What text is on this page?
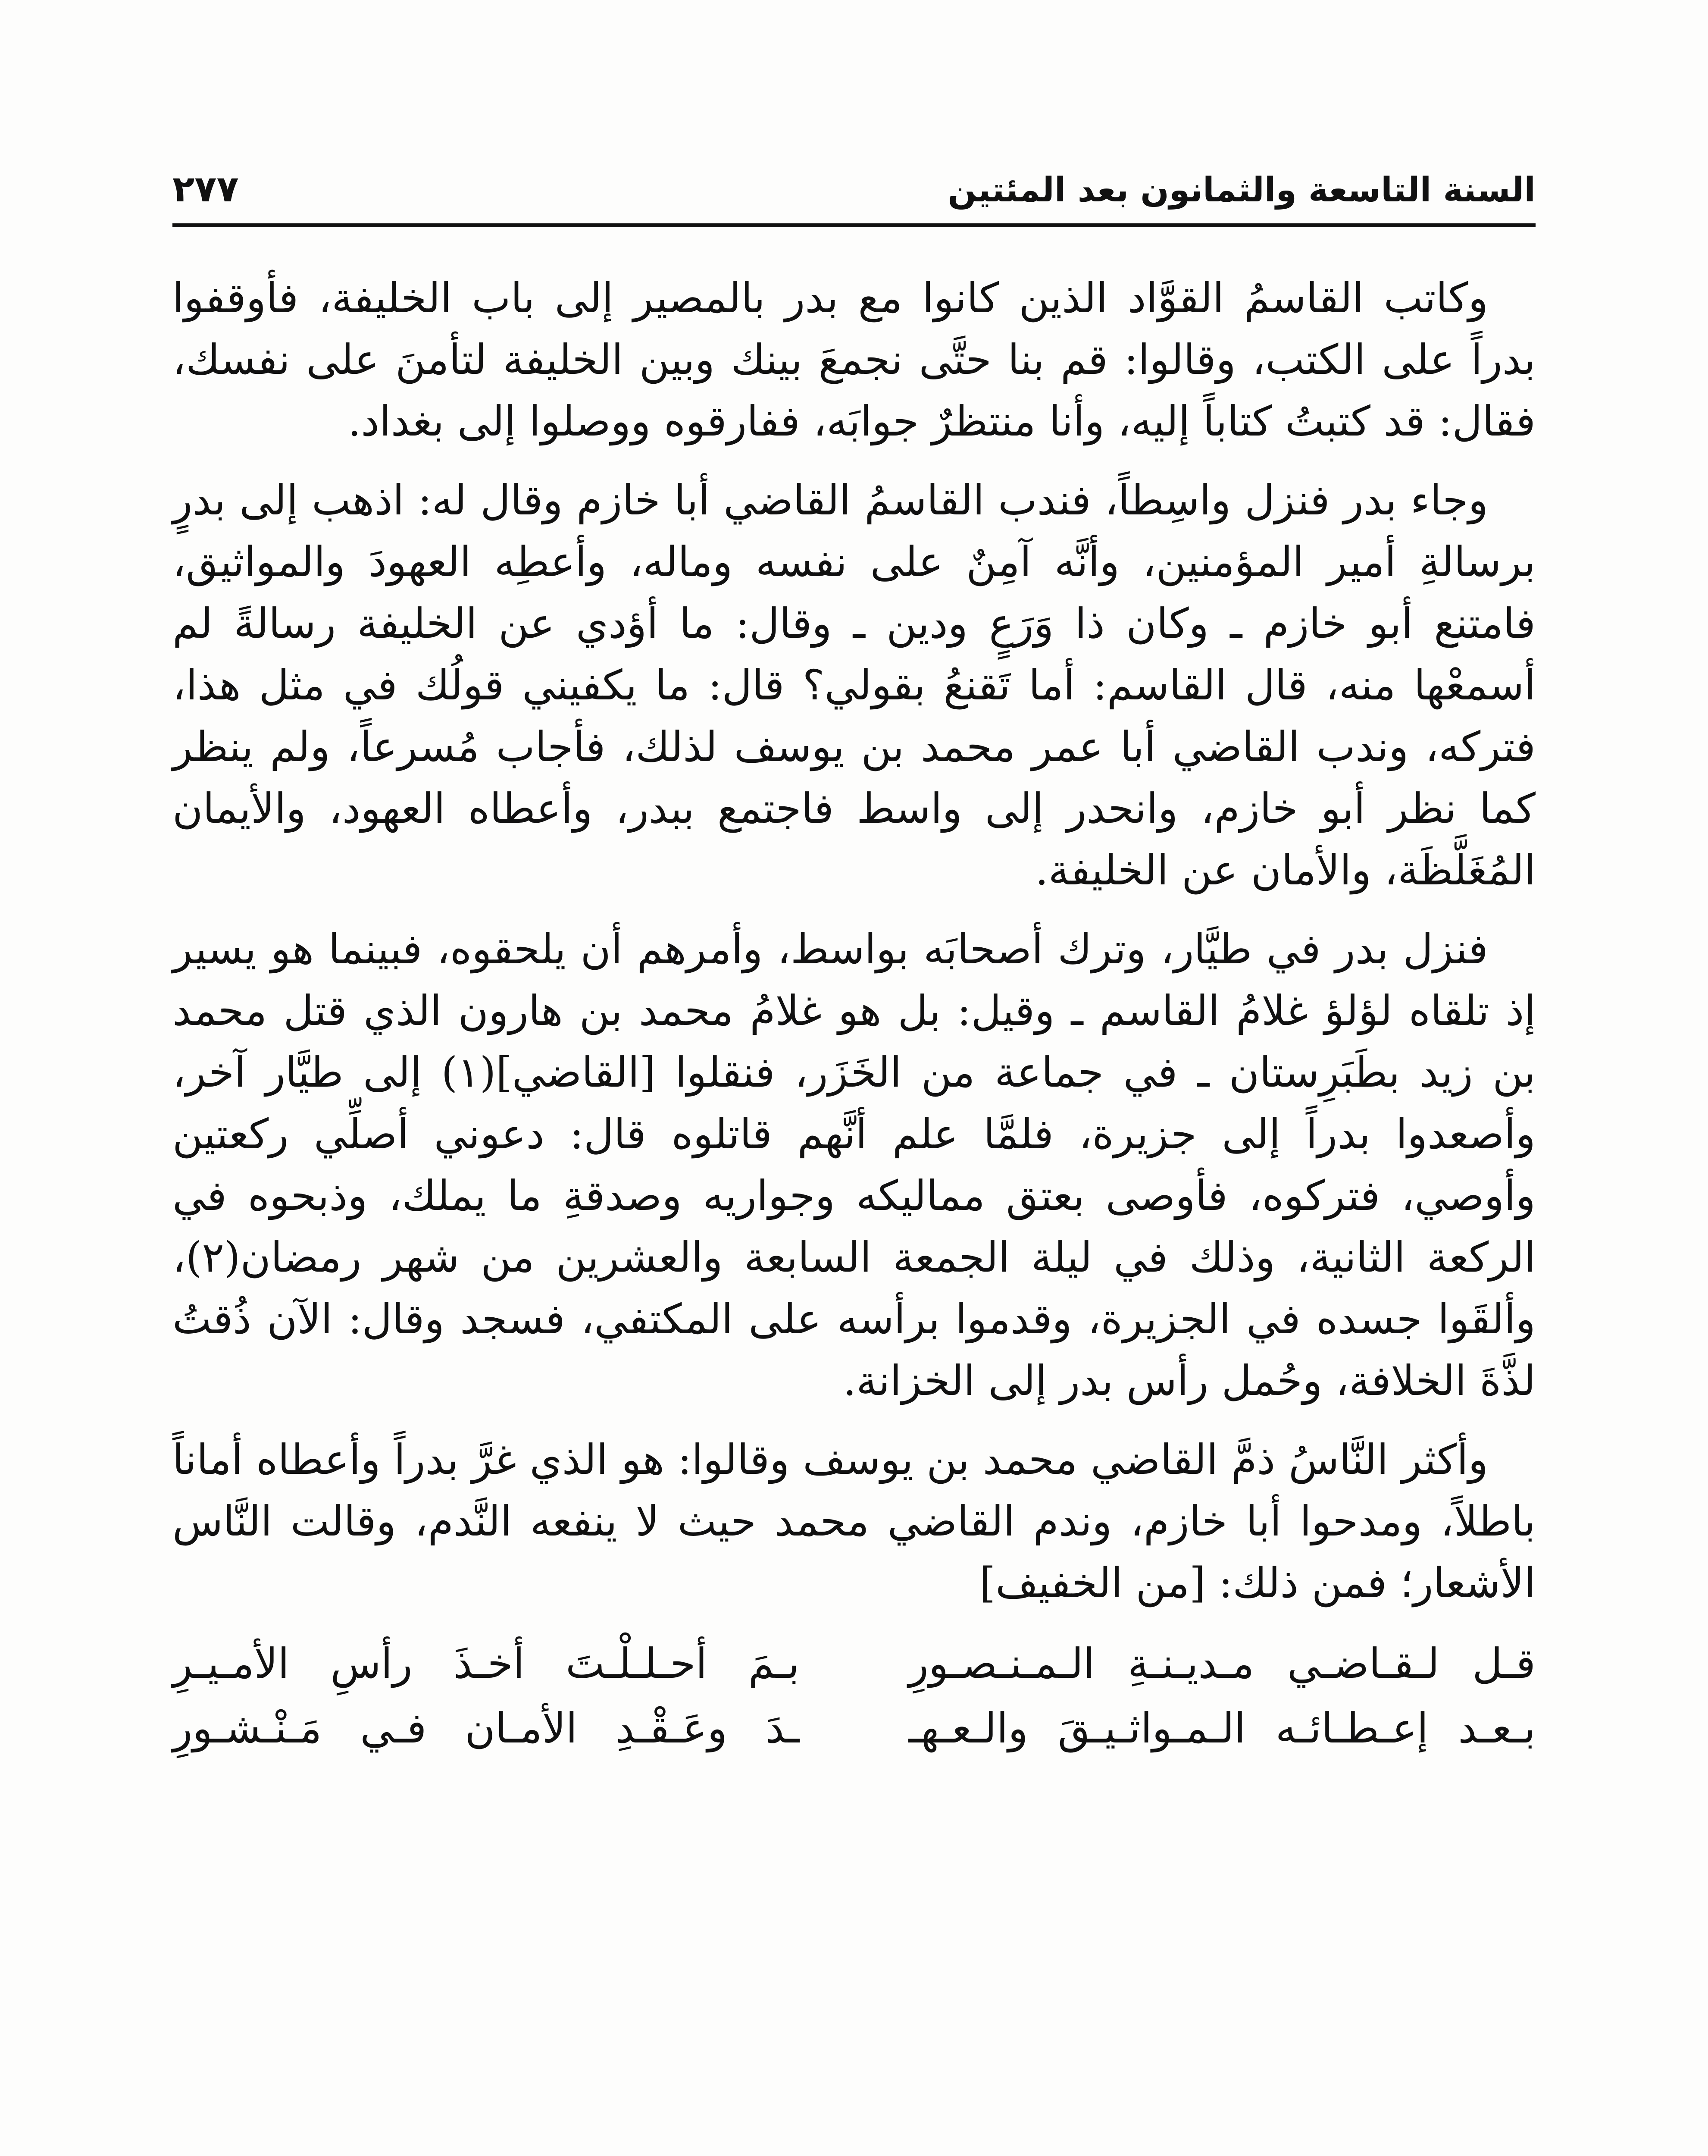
السنة التاسعة والثمانون بعد المئتين
٢٧٧

وكاتب القاسمُ القوَّاد الذين كانوا مع بدر بالمصير إلى باب الخليفة، فأوقفوا بدراً على الكتب، وقالوا: قم بنا حتَّى نجمعَ بينك وبين الخليفة لتأمنَ على نفسك، فقال: قد كتبتُ كتاباً إليه، وأنا منتظرٌ جوابَه، ففارقوه ووصلوا إلى بغداد.

وجاء بدر فنزل واسِطاً، فندب القاسمُ القاضي أبا خازم وقال له: اذهب إلى بدرٍ برسالةِ أمير المؤمنين، وأنَّه آمِنٌ على نفسه وماله، وأعطِه العهودَ والمواثيق، فامتنع أبو خازم ـ وكان ذا وَرَعٍ ودين ـ وقال: ما أؤدي عن الخليفة رسالةً لم أسمعْها منه، قال القاسم: أما تَقنعُ بقولي؟ قال: ما يكفيني قولُك في مثل هذا، فتركه، وندب القاضي أبا عمر محمد بن يوسف لذلك، فأجاب مُسرعاً، ولم ينظر كما نظر أبو خازم، وانحدر إلى واسط فاجتمع ببدر، وأعطاه العهود، والأيمان المُغَلَّظَة، والأمان عن الخليفة.

فنزل بدر في طيَّار، وترك أصحابَه بواسط، وأمرهم أن يلحقوه، فبينما هو يسير إذ تلقاه لؤلؤ غلامُ القاسم ـ وقيل: بل هو غلامُ محمد بن هارون الذي قتل محمد بن زيد بطَبَرِستان ـ في جماعة من الخَزَر، فنقلوا [القاضي](١) إلى طيَّار آخر، وأصعدوا بدراً إلى جزيرة، فلمَّا علم أنَّهم قاتلوه قال: دعوني أصلِّي ركعتين وأوصي، فتركوه، فأوصى بعتق مماليكه وجواريه وصدقةِ ما يملك، وذبحوه في الركعة الثانية، وذلك في ليلة الجمعة السابعة والعشرين من شهر رمضان(٢)، وألقَوا جسده في الجزيرة، وقدموا برأسه على المكتفي، فسجد وقال: الآن ذُقتُ لذَّةَ الخلافة، وحُمل رأس بدر إلى الخزانة.

وأكثر النَّاسُ ذمَّ القاضي محمد بن يوسف وقالوا: هو الذي غرَّ بدراً وأعطاه أماناً باطلاً، ومدحوا أبا خازم، وندم القاضي محمد حيث لا ينفعه النَّدم، وقالت النَّاس الأشعار؛ فمن ذلك: [من الخفيف]

قـل لـقـاضـي مـديـنـةِ الـمـنـصـورِ
بـمَ أحـلـلْـتَ أخـذَ رأسِ الأمـيـرِ
بـعـد إعـطـائـه الـمـواثـيـقَ والـعـهـ
ـدَ وعَـقْـدِ الأمـان فـي مَـنْـشـورِ
